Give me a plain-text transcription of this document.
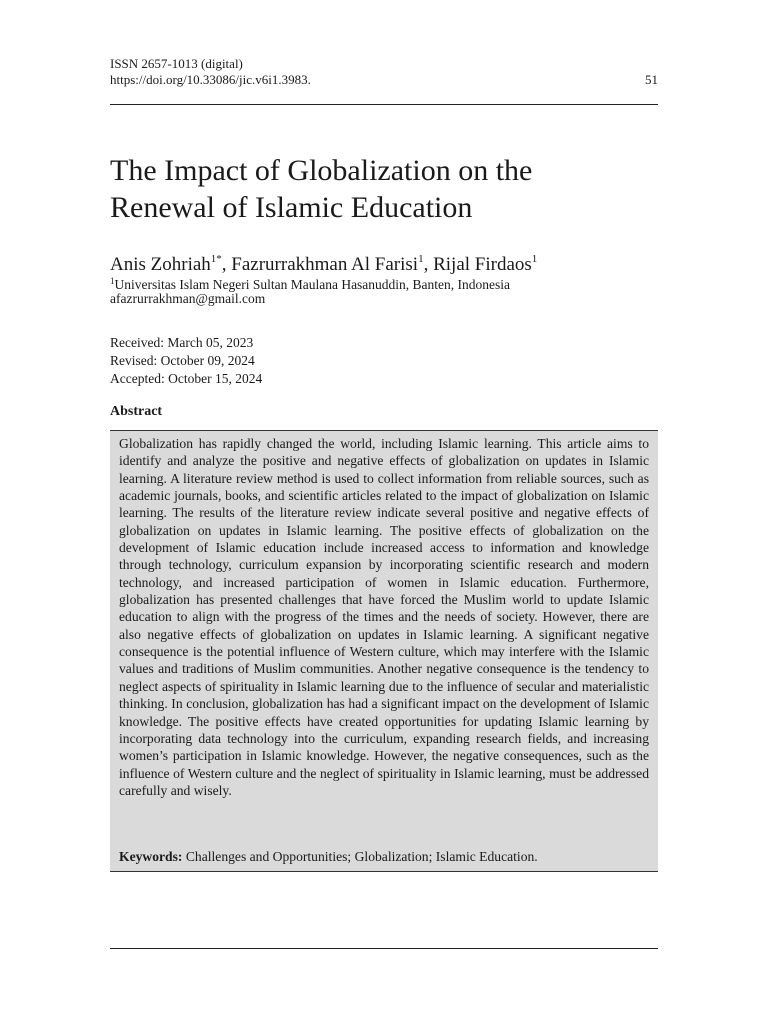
ISSN 2657-1013 (digital)
https://doi.org/10.33086/jic.v6i1.3983.	51
The Impact of Globalization on the
Renewal of Islamic Education
Anis Zohriah$^{1*}$, Fazrurrakhman Al Farisi$^1$, Rijal Firdaos$^1$
$^1$Universitas Islam Negeri Sultan Maulana Hasanuddin, Banten, Indonesia
afazrurrakhman@gmail.com
Received: March 05, 2023
Revised: October 09, 2024
Accepted: October 15, 2024
Abstract

Globalization has rapidly changed the world, including Islamic learning. This article aims to identify and analyze the positive and negative effects of globalization on updates in Islamic learning. A literature review method is used to collect information from reliable sources, such as academic journals, books, and scientific articles related to the impact of globalization on Islamic learning. The results of the literature review indicate several positive and negative effects of globalization on updates in Islamic learning. The positive effects of globalization on the development of Islamic education include increased access to information and knowledge through technology, curriculum expansion by incorporating scientific research and modern technology, and increased participation of women in Islamic education. Furthermore, globalization has presented challenges that have forced the Muslim world to update Islamic education to align with the progress of the times and the needs of society. However, there are also negative effects of globalization on updates in Islamic learning. A significant negative consequence is the potential influence of Western culture, which may interfere with the Islamic values and traditions of Muslim communities. Another negative consequence is the tendency to neglect aspects of spirituality in Islamic learning due to the influence of secular and materialistic thinking. In conclusion, globalization has had a significant impact on the development of Islamic knowledge. The positive effects have created opportunities for updating Islamic learning by incorporating data technology into the curriculum, expanding research fields, and increasing women’s participation in Islamic knowledge. However, the negative consequences, such as the influence of Western culture and the neglect of spirituality in Islamic learning, must be addressed carefully and wisely.

Keywords: Challenges and Opportunities; Globalization; Islamic Education.
